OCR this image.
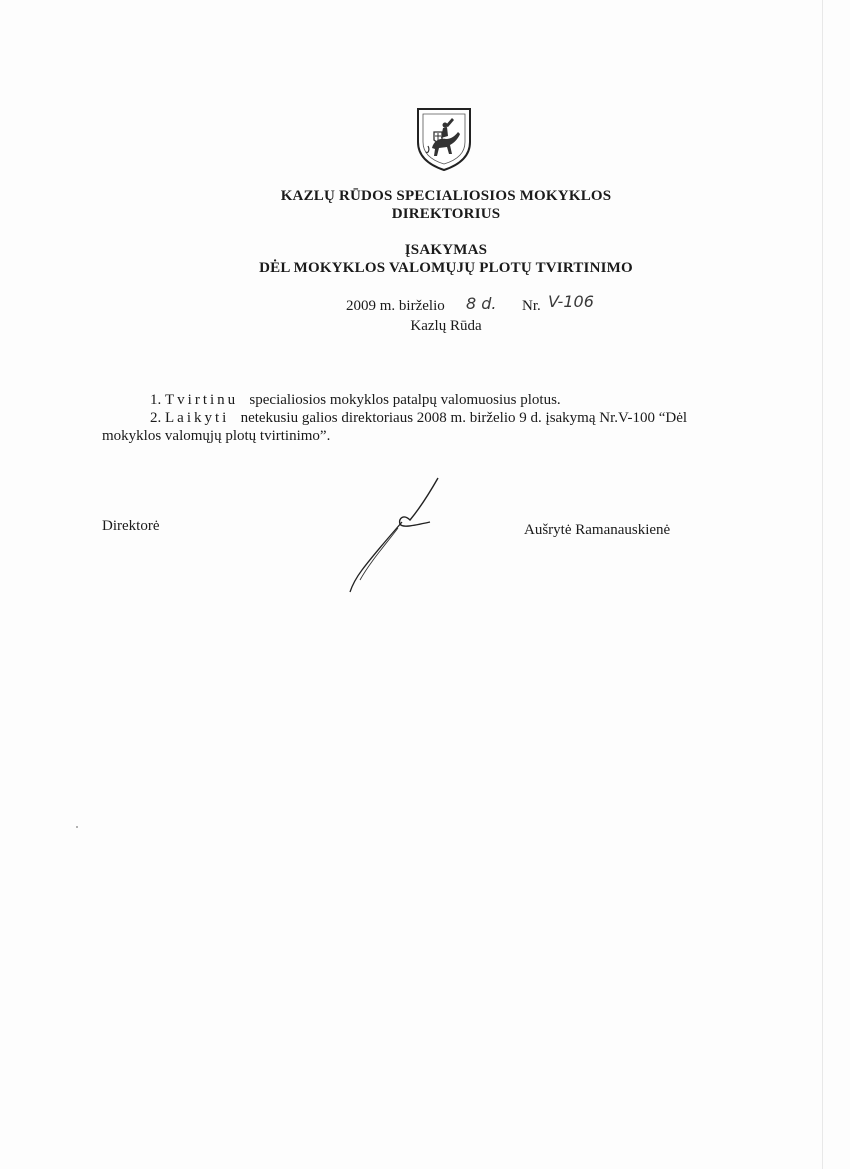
KAZLŲ RŪDOS SPECIALIOSIOS MOKYKLOS
DIREKTORIUS
ĮSAKYMAS
DĖL MOKYKLOS VALOMŲJŲ PLOTŲ TVIRTINIMO
2009 m. birželio 8 d. Nr. V-106
Kazlų Rūda
1. Tvirtinu specialiosios mokyklos patalpų valomuosius plotus.
2. Laikyti netekusiu galios direktoriaus 2008 m. birželio 9 d. įsakymą Nr.V-100 “Dėl
mokyklos valomųjų plotų tvirtinimo”.
Direktorė	Aušrytė Ramanauskienė
